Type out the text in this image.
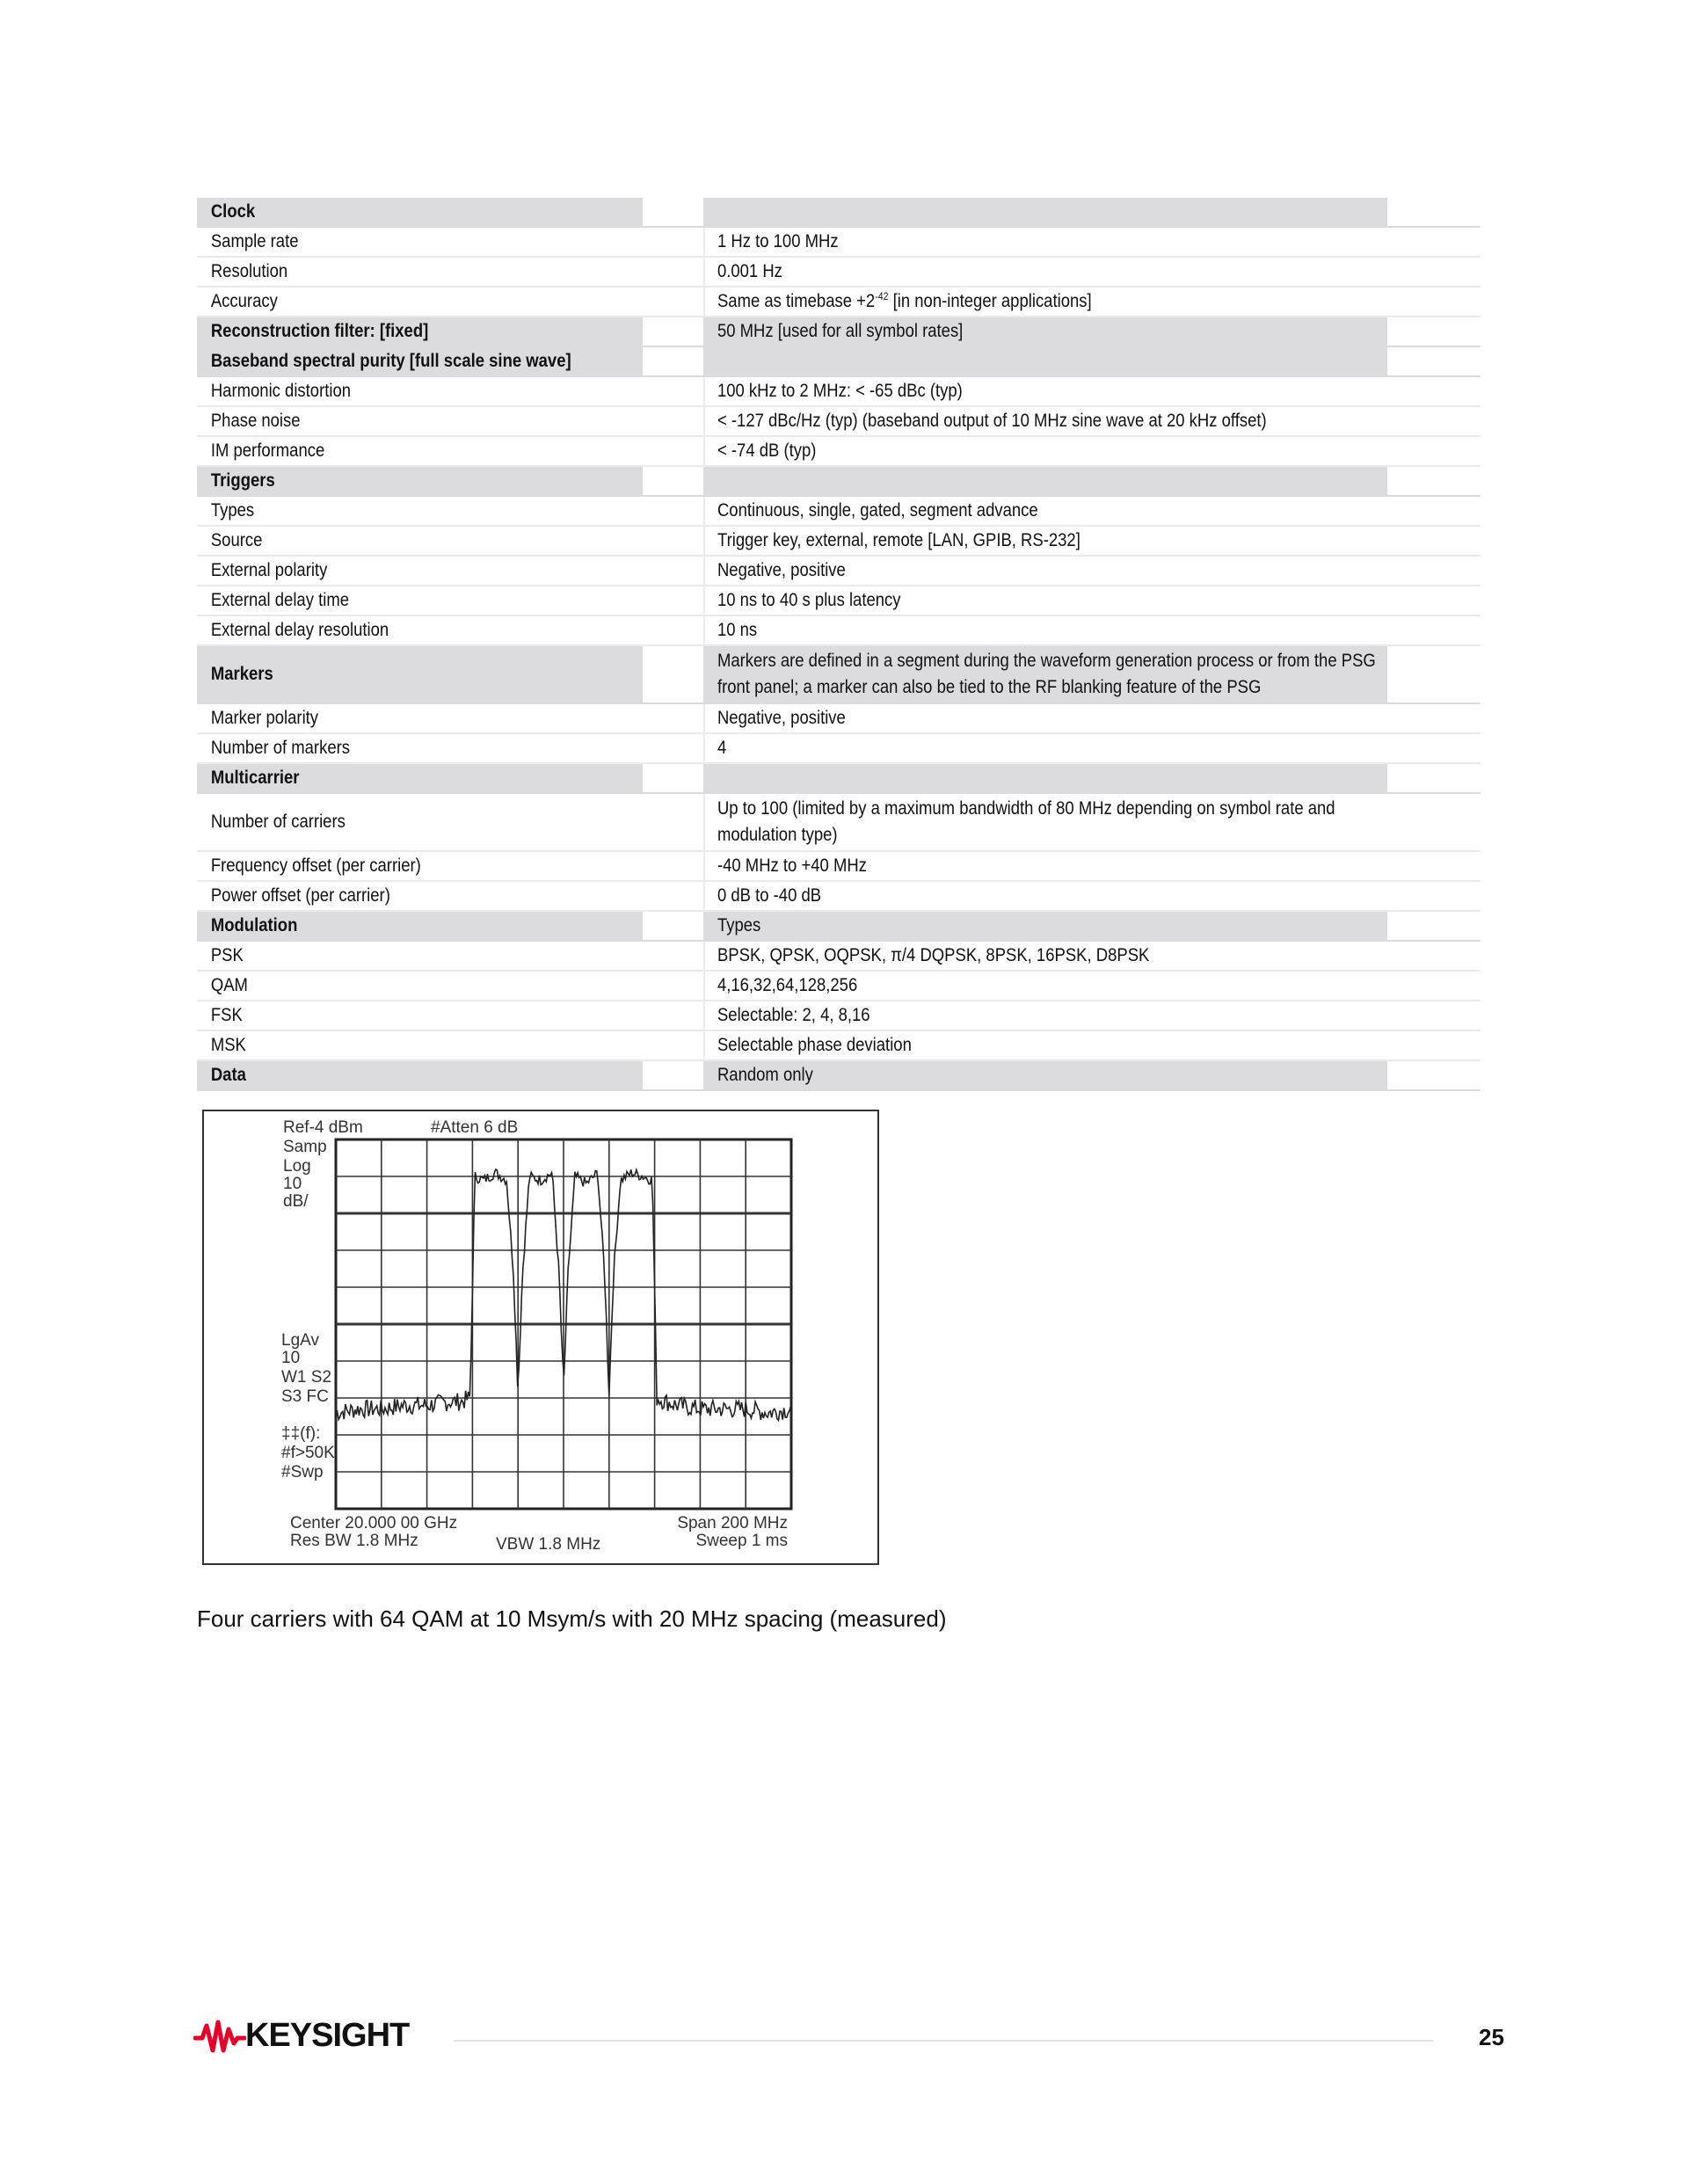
Clock	
Sample rate	1 Hz to 100 MHz
Resolution	0.001 Hz
Accuracy	Same as timebase $+2^{-42}$ [in non-integer applications]
Reconstruction filter: [fixed]	50 MHz [used for all symbol rates]
Baseband spectral purity [full scale sine wave]	
Harmonic distortion	100 kHz to 2 MHz: < -65 dBc (typ)
Phase noise	< -127 dBc/Hz (typ) (baseband output of 10 MHz sine wave at 20 kHz offset)
IM performance	< -74 dB (typ)
Triggers	
Types	Continuous, single, gated, segment advance
Source	Trigger key, external, remote [LAN, GPIB, RS-232]
External polarity	Negative, positive
External delay time	10 ns to 40 s plus latency
External delay resolution	10 ns
Markers	Markers are defined in a segment during the waveform generation process or from the PSG front panel; a marker can also be tied to the RF blanking feature of the PSG
Marker polarity	Negative, positive
Number of markers	4
Multicarrier	
Number of carriers	Up to 100 (limited by a maximum bandwidth of 80 MHz depending on symbol rate and modulation type)
Frequency offset (per carrier)	-40 MHz to +40 MHz
Power offset (per carrier)	0 dB to -40 dB
Modulation	Types
PSK	BPSK, QPSK, OQPSK, π/4 DQPSK, 8PSK, 16PSK, D8PSK
QAM	4,16,32,64,128,256
FSK	Selectable: 2, 4, 8,16
MSK	Selectable phase deviation
Data	Random only
Ref-4 dBm	#Atten 6 dB
Samp
Log
10
dB/
LgAv
10
W1 S2
S3 FC
‡‡(f):
#f>50K
#Swp
Center 20.000 00 GHz
Res BW 1.8 MHz	VBW 1.8 MHz
Span 200 MHz
Sweep 1 ms
Four carriers with 64 QAM at 10 Msym/s with 20 MHz spacing (measured)
KEYSIGHT	25
